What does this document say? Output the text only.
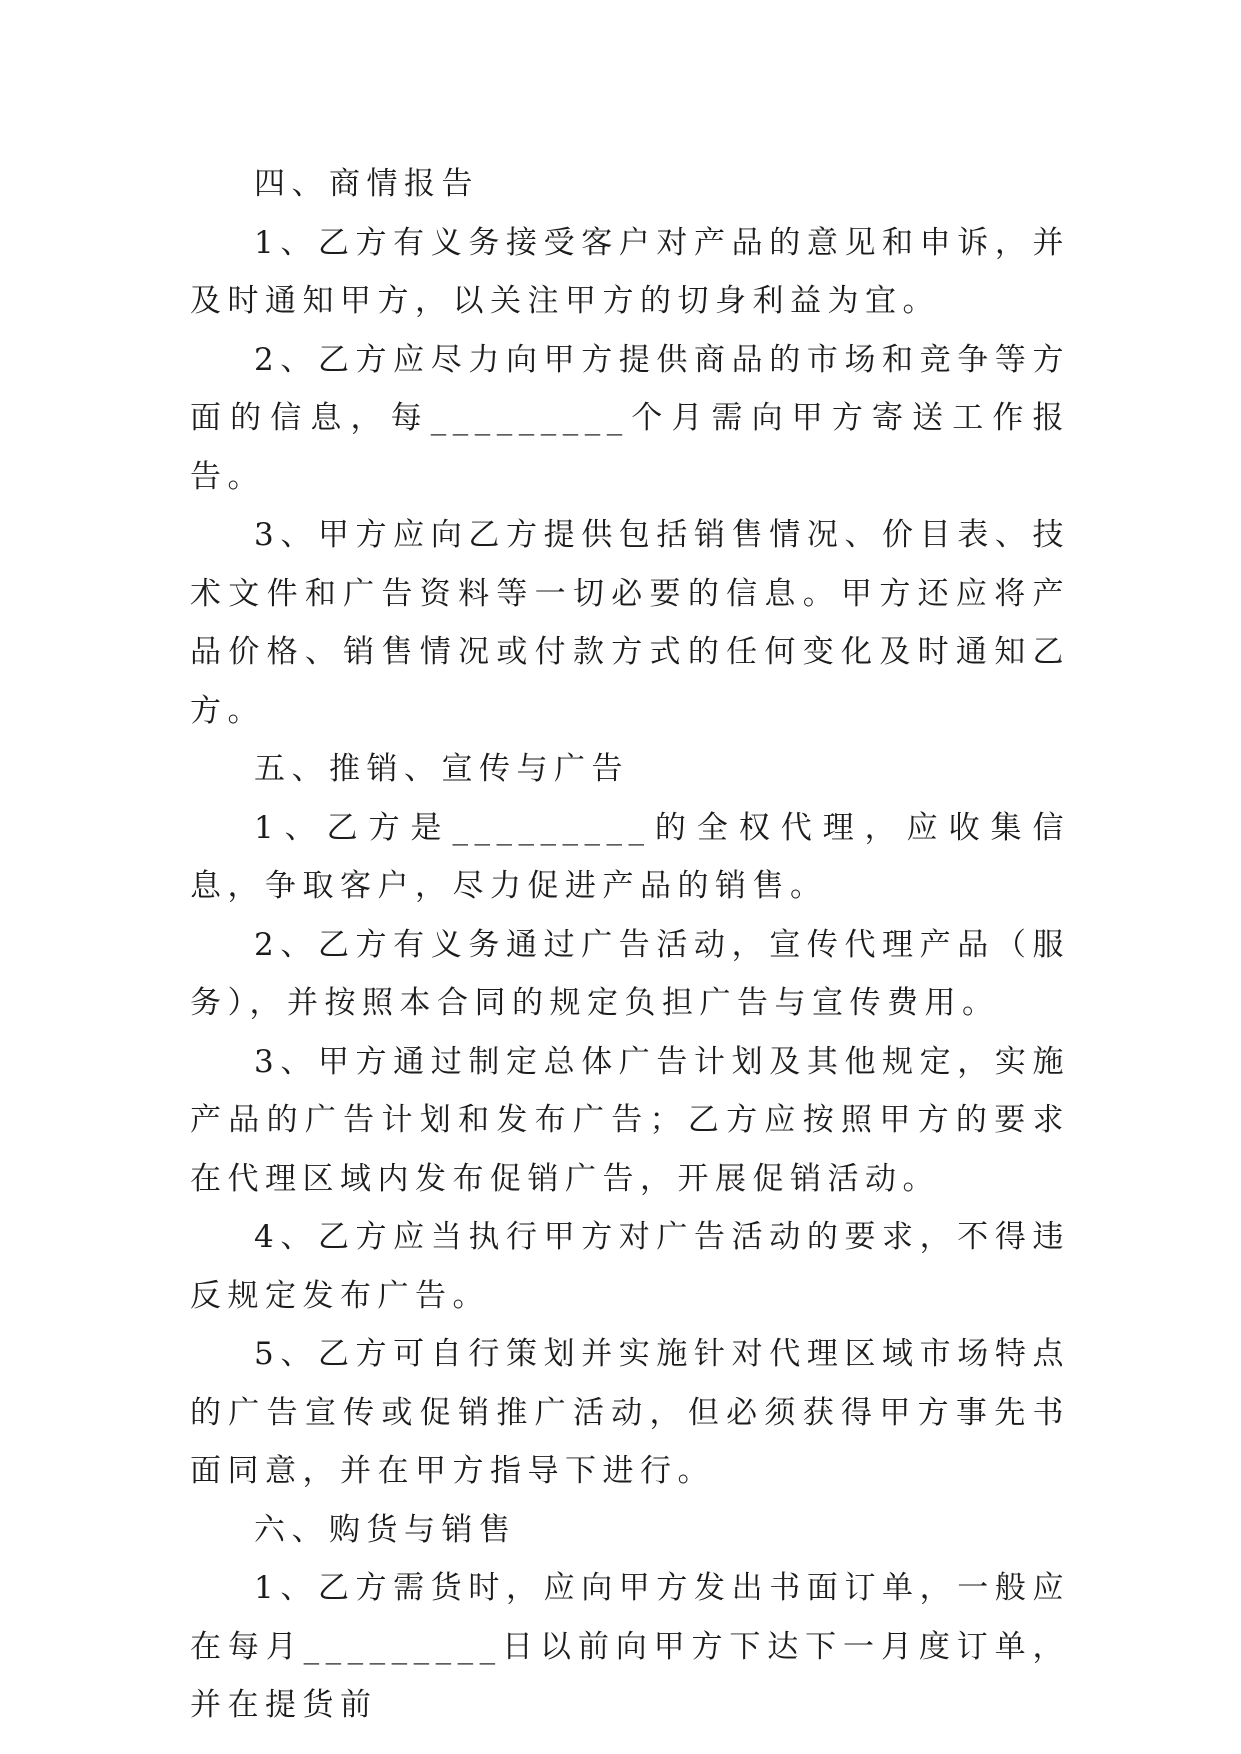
四、商情报告

1、乙方有义务接受客户对产品的意见和申诉，并及时通知甲方，以关注甲方的切身利益为宜。

2、乙方应尽力向甲方提供商品的市场和竞争等方面的信息，每_________个月需向甲方寄送工作报告。

3、甲方应向乙方提供包括销售情况、价目表、技术文件和广告资料等一切必要的信息。甲方还应将产品价格、销售情况或付款方式的任何变化及时通知乙方。

五、推销、宣传与广告

1、乙方是_________的全权代理，应收集信息，争取客户，尽力促进产品的销售。

2、乙方有义务通过广告活动，宣传代理产品（服务），并按照本合同的规定负担广告与宣传费用。

3、甲方通过制定总体广告计划及其他规定，实施产品的广告计划和发布广告；乙方应按照甲方的要求在代理区域内发布促销广告，开展促销活动。

4、乙方应当执行甲方对广告活动的要求，不得违反规定发布广告。

5、乙方可自行策划并实施针对代理区域市场特点的广告宣传或促销推广活动，但必须获得甲方事先书面同意，并在甲方指导下进行。

六、购货与销售

1、乙方需货时，应向甲方发出书面订单，一般应在每月_________日以前向甲方下达下一月度订单，并在提货前
